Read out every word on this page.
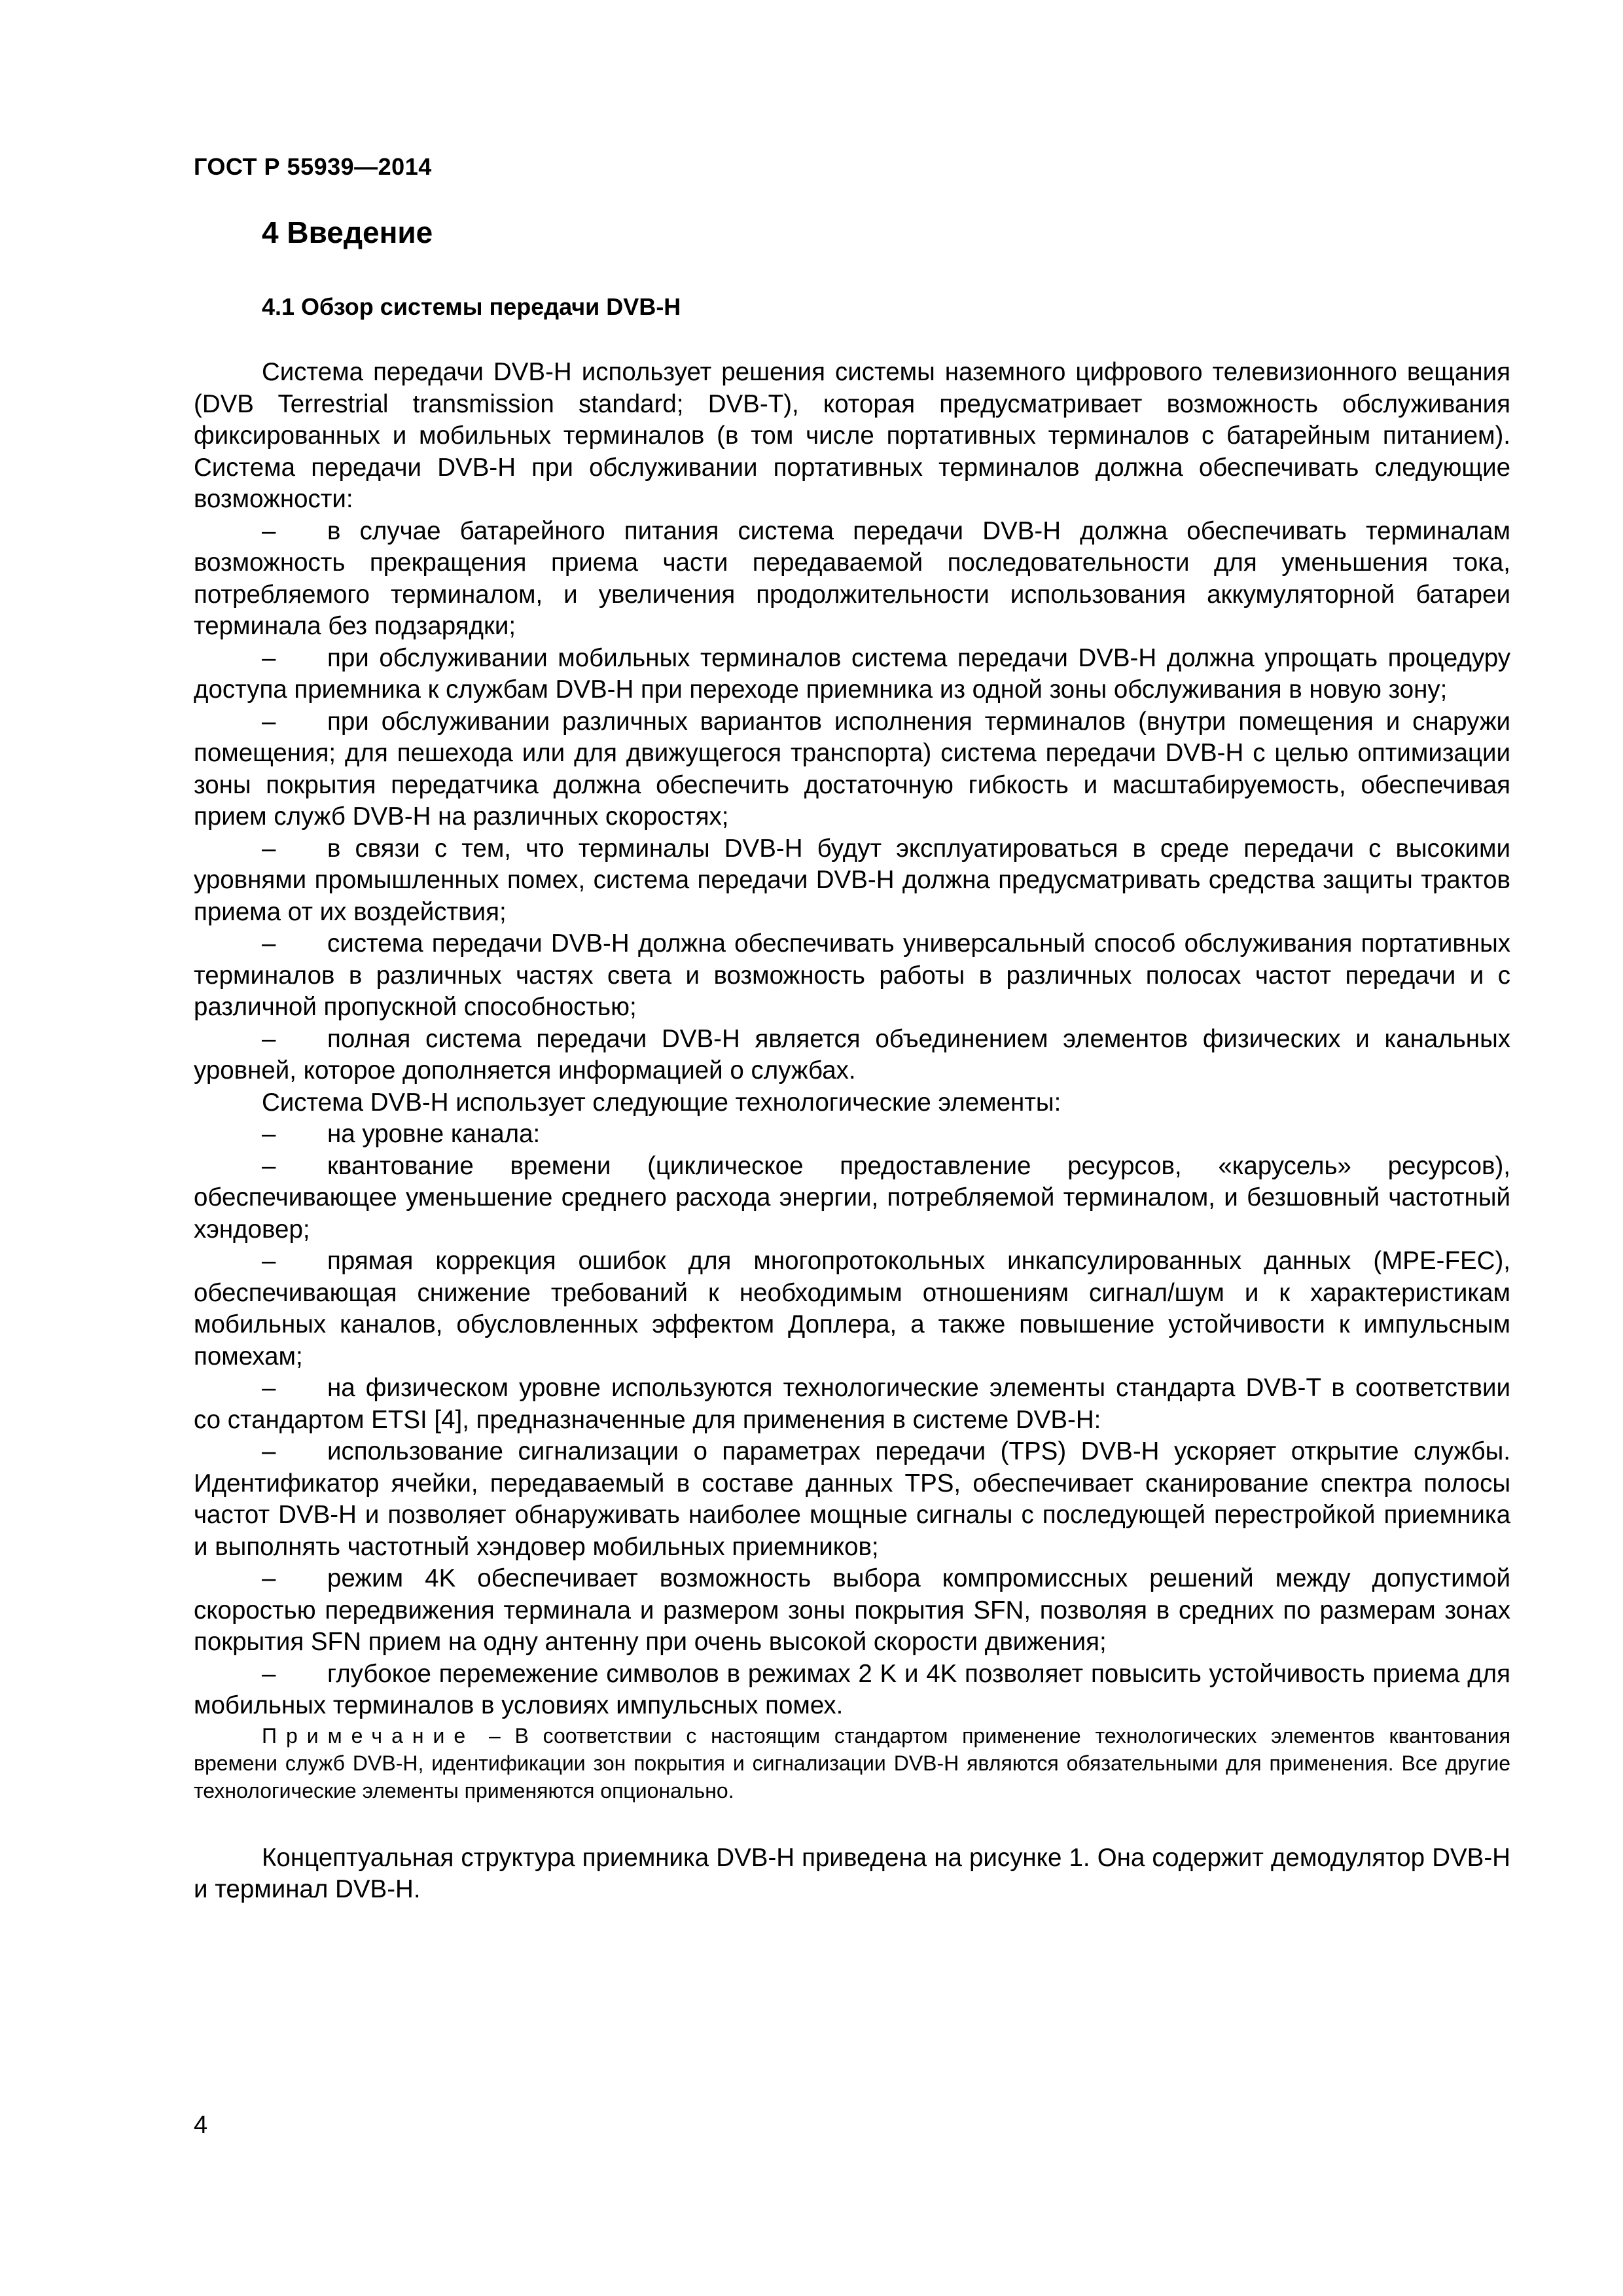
ГОСТ Р 55939—2014
4 Введение
4.1 Обзор системы передачи DVB-H

Система передачи DVB-H использует решения системы наземного цифрового телевизионного вещания (DVB Terrestrial transmission standard; DVB-T), которая предусматривает возможность обслуживания фиксированных и мобильных терминалов (в том числе портативных терминалов с батарейным питанием). Система передачи DVB-H при обслуживании портативных терминалов должна обеспечивать следующие возможности:

– в случае батарейного питания система передачи DVB-H должна обеспечивать терминалам возможность прекращения приема части передаваемой последовательности для уменьшения тока, потребляемого терминалом, и увеличения продолжительности использования аккумуляторной батареи терминала без подзарядки;

– при обслуживании мобильных терминалов система передачи DVB-H должна упрощать процедуру доступа приемника к службам DVB-H при переходе приемника из одной зоны обслуживания в новую зону;

– при обслуживании различных вариантов исполнения терминалов (внутри помещения и снаружи помещения; для пешехода или для движущегося транспорта) система передачи DVB-H с целью оптимизации зоны покрытия передатчика должна обеспечить достаточную гибкость и масштабируемость, обеспечивая прием служб DVB-H на различных скоростях;

– в связи с тем, что терминалы DVB-H будут эксплуатироваться в среде передачи с высокими уровнями промышленных помех, система передачи DVB-H должна предусматривать средства защиты трактов приема от их воздействия;

– система передачи DVB-H должна обеспечивать универсальный способ обслуживания портативных терминалов в различных частях света и возможность работы в различных полосах частот передачи и с различной пропускной способностью;

– полная система передачи DVB-H является объединением элементов физических и канальных уровней, которое дополняется информацией о службах.

Система DVB-H использует следующие технологические элементы:

– на уровне канала:

– квантование времени (циклическое предоставление ресурсов, «карусель» ресурсов), обеспечивающее уменьшение среднего расхода энергии, потребляемой терминалом, и безшовный частотный хэндовер;

– прямая коррекция ошибок для многопротокольных инкапсулированных данных (MPE-FEC), обеспечивающая снижение требований к необходимым отношениям сигнал/шум и к характеристикам мобильных каналов, обусловленных эффектом Доплера, а также повышение устойчивости к импульсным помехам;

– на физическом уровне используются технологические элементы стандарта DVB-T в соответствии со стандартом ETSI [4], предназначенные для применения в системе DVB-H:

– использование сигнализации о параметрах передачи (TPS) DVB-H ускоряет открытие службы. Идентификатор ячейки, передаваемый в составе данных TPS, обеспечивает сканирование спектра полосы частот DVB-H и позволяет обнаруживать наиболее мощные сигналы с последующей перестройкой приемника и выполнять частотный хэндовер мобильных приемников;

– режим 4K обеспечивает возможность выбора компромиссных решений между допустимой скоростью передвижения терминала и размером зоны покрытия SFN, позволяя в средних по размерам зонах покрытия SFN прием на одну антенну при очень высокой скорости движения;

– глубокое перемежение символов в режимах 2 K и 4K позволяет повысить устойчивость приема для мобильных терминалов в условиях импульсных помех.

Примечание – В соответствии с настоящим стандартом применение технологических элементов квантования времени служб DVB-H, идентификации зон покрытия и сигнализации DVB-H являются обязательными для применения. Все другие технологические элементы применяются опционально.

Концептуальная структура приемника DVB-H приведена на рисунке 1. Она содержит демодулятор DVB-H и терминал DVB-H.

4
